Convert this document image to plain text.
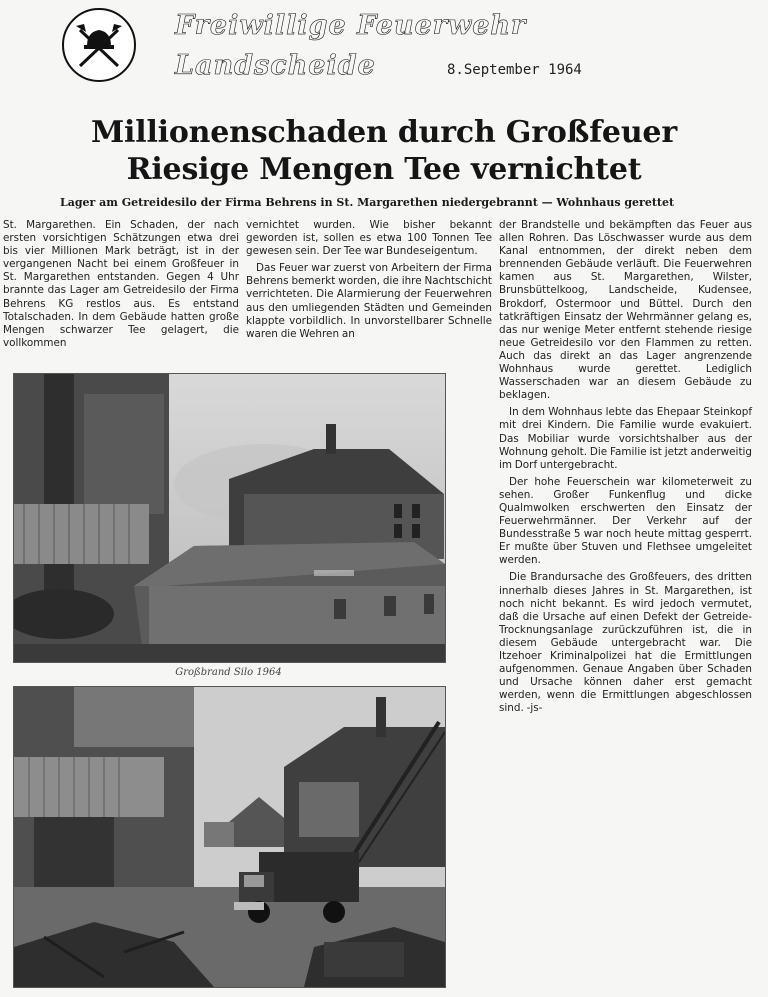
Freiwillige Feuerwehr
Landscheide	8.September 1964
Millionenschaden durch Großfeuer
Riesige Mengen Tee vernichtet
Lager am Getreidesilo der Firma Behrens in St. Margarethen niedergebrannt — Wohnhaus gerettet

St. Margarethen. Ein Schaden, der nach ersten vorsichtigen Schätzungen etwa drei bis vier Millionen Mark beträgt, ist in der vergangenen Nacht bei einem Großfeuer in St. Margarethen entstanden. Gegen 4 Uhr brannte das Lager am Getreidesilo der Firma Behrens KG restlos aus. Es entstand Totalschaden. In dem Gebäude hatten große Mengen schwarzer Tee gelagert, die vollkommen

vernichtet wurden. Wie bisher bekannt geworden ist, sollen es etwa 100 Tonnen Tee gewesen sein. Der Tee war Bundeseigentum.

Das Feuer war zuerst von Arbeitern der Firma Behrens bemerkt worden, die ihre Nachtschicht verrichteten. Die Alarmierung der Feuerwehren aus den umliegenden Städten und Gemeinden klappte vorbildlich. In unvorstellbarer Schnelle waren die Wehren an

der Brandstelle und bekämpften das Feuer aus allen Rohren. Das Löschwasser wurde aus dem Kanal entnommen, der direkt neben dem brennenden Gebäude verläuft. Die Feuerwehren kamen aus St. Margarethen, Wilster, Brunsbüttelkoog, Landscheide, Kudensee, Brokdorf, Ostermoor und Büttel. Durch den tatkräftigen Einsatz der Wehrmänner gelang es, das nur wenige Meter entfernt stehende riesige neue Getreidesilo vor den Flammen zu retten. Auch das direkt an das Lager angrenzende Wohnhaus wurde gerettet. Lediglich Wasserschaden war an diesem Gebäude zu beklagen.

In dem Wohnhaus lebte das Ehepaar Steinkopf mit drei Kindern. Die Familie wurde evakuiert. Das Mobiliar wurde vorsichtshalber aus der Wohnung geholt. Die Familie ist jetzt anderweitig im Dorf untergebracht.

Der hohe Feuerschein war kilometerweit zu sehen. Großer Funkenflug und dicke Qualmwolken erschwerten den Einsatz der Feuerwehrmänner. Der Verkehr auf der Bundesstraße 5 war noch heute mittag gesperrt. Er mußte über Stuven und Flethsee umgeleitet werden.

Die Brandursache des Großfeuers, des dritten innerhalb dieses Jahres in St. Margarethen, ist noch nicht bekannt. Es wird jedoch vermutet, daß die Ursache auf einen Defekt der Getreide-Trocknungsanlage zurückzuführen ist, die in diesem Gebäude untergebracht war. Die Itzehoer Kriminalpolizei hat die Ermittlungen aufgenommen. Genaue Angaben über Schaden und Ursache können daher erst gemacht werden, wenn die Ermittlungen abgeschlossen sind. -js-

Großbrand Silo 1964
